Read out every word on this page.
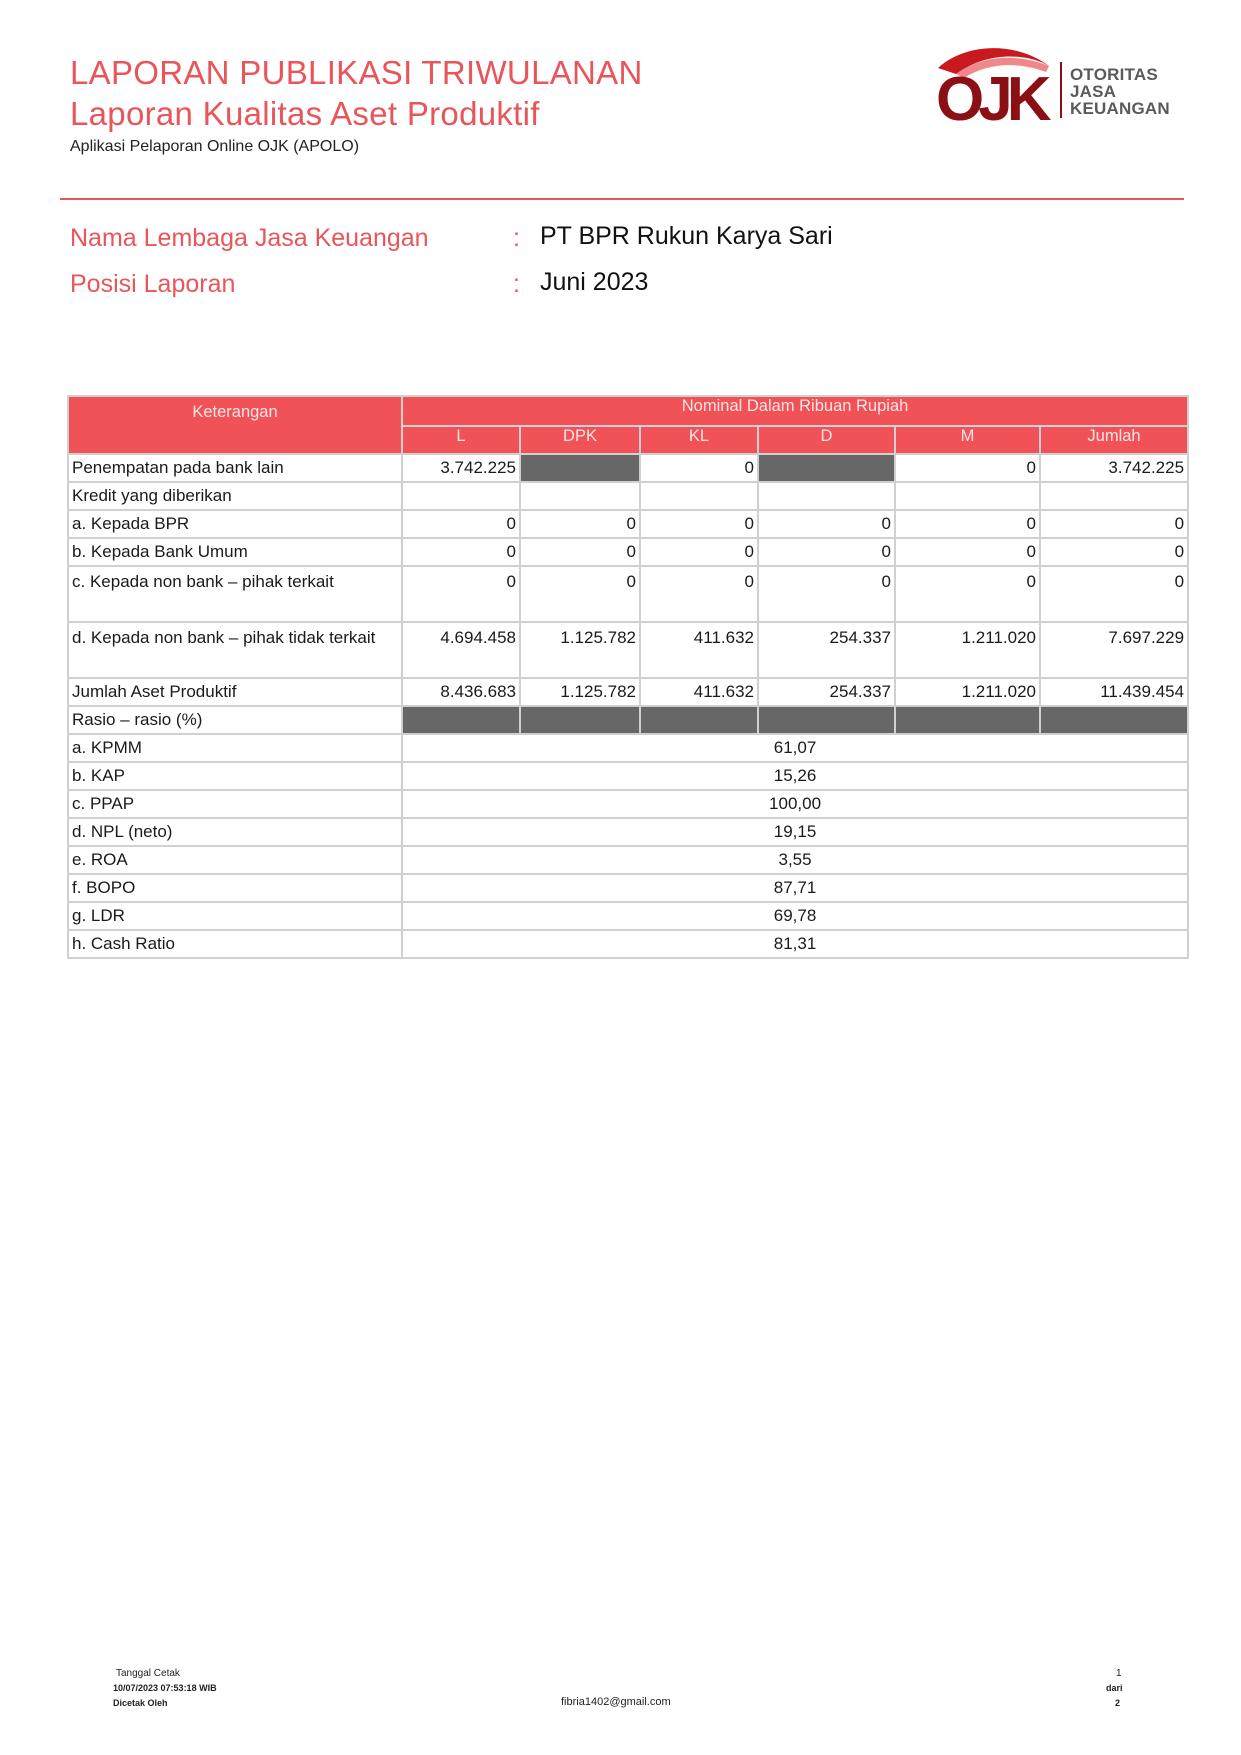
LAPORAN PUBLIKASI TRIWULANAN
Laporan Kualitas Aset Produktif
Aplikasi Pelaporan Online OJK (APOLO)
OJK	OTORITAS
JASA
KEUANGAN
Nama Lembaga Jasa Keuangan	: PT BPR Rukun Karya Sari
Posisi Laporan	: Juni 2023
Keterangan	Nominal Dalam Ribuan Rupiah					
	L	DPK	KL	D	M	Jumlah
Penempatan pada bank lain	3.742.225		0		0	3.742.225
Kredit yang diberikan						
a. Kepada BPR	0	0	0	0	0	0
b. Kepada Bank Umum	0	0	0	0	0	0
c. Kepada non bank – pihak terkait	0	0	0	0	0	0
d. Kepada non bank – pihak tidak terkait	4.694.458	1.125.782	411.632	254.337	1.211.020	7.697.229
Jumlah Aset Produktif	8.436.683	1.125.782	411.632	254.337	1.211.020	11.439.454
Rasio – rasio (%)						
a. KPMM	61,07					
b. KAP	15,26					
c. PPAP	100,00					
d. NPL (neto)	19,15					
e. ROA	3,55					
f. BOPO	87,71					
g. LDR	69,78					
h. Cash Ratio	81,31					
Tanggal Cetak
10/07/2023 07:53:18 WIB
Dicetak Oleh	fibria1402@gmail.com
1
dari
2
